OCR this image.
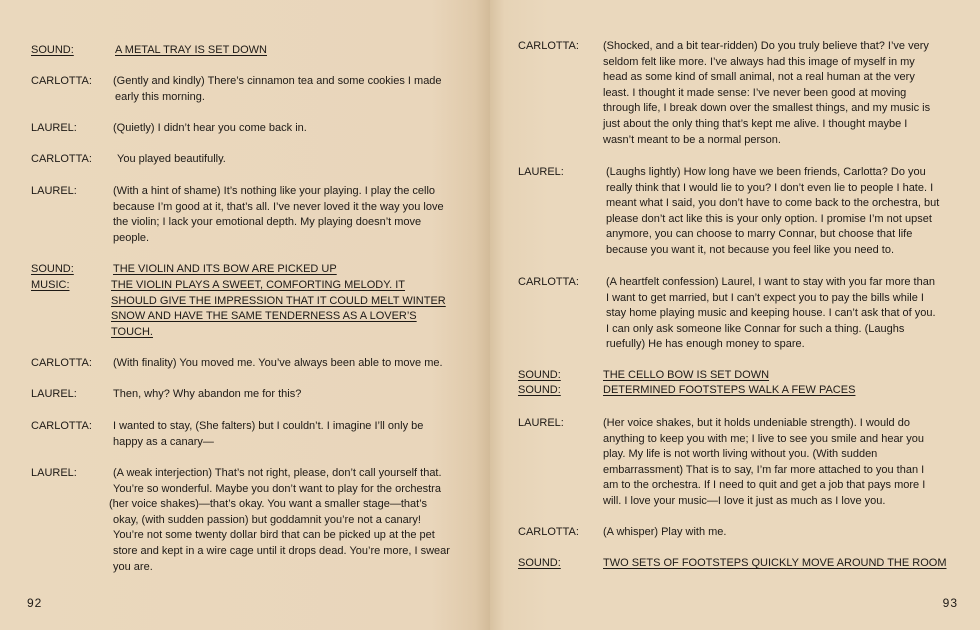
SOUND:	A METAL TRAY IS SET DOWN
CARLOTTA: (Gently and kindly) There’s cinnamon tea and some cookies I made
early this morning.
LAUREL:	(Quietly) I didn’t hear you come back in.
CARLOTTA: You played beautifully.
LAUREL:	(With a hint of shame) It’s nothing like your playing. I play the cello
because I’m good at it, that’s all. I’ve never loved it the way you love
the violin; I lack your emotional depth. My playing doesn’t move
people.
SOUND:	THE VIOLIN AND ITS BOW ARE PICKED UP
MUSIC:	THE VIOLIN PLAYS A SWEET, COMFORTING MELODY. IT
SHOULD GIVE THE IMPRESSION THAT IT COULD MELT WINTER
SNOW AND HAVE THE SAME TENDERNESS AS A LOVER’S
TOUCH.
CARLOTTA: (With finality) You moved me. You’ve always been able to move me.
LAUREL:	Then, why? Why abandon me for this?
CARLOTTA: I wanted to stay, (She falters) but I couldn’t. I imagine I’ll only be
happy as a canary—
LAUREL:	(A weak interjection) That’s not right, please, don’t call yourself that.
You’re so wonderful. Maybe you don’t want to play for the orchestra
(her voice shakes)—that’s okay. You want a smaller stage—that’s
okay, (with sudden passion) but goddamnit you’re not a canary!
You’re not some twenty dollar bird that can be picked up at the pet
store and kept in a wire cage until it drops dead. You’re more, I swear
you are.
92
CARLOTTA: (Shocked, and a bit tear-ridden) Do you truly believe that? I’ve very
seldom felt like more. I’ve always had this image of myself in my
head as some kind of small animal, not a real human at the very
least. I thought it made sense: I’ve never been good at moving
through life, I break down over the smallest things, and my music is
just about the only thing that’s kept me alive. I thought maybe I
wasn’t meant to be a normal person.
LAUREL:	(Laughs lightly) How long have we been friends, Carlotta? Do you
really think that I would lie to you? I don’t even lie to people I hate. I
meant what I said, you don’t have to come back to the orchestra, but
please don’t act like this is your only option. I promise I’m not upset
anymore, you can choose to marry Connar, but choose that life
because you want it, not because you feel like you need to.
CARLOTTA: (A heartfelt confession) Laurel, I want to stay with you far more than
I want to get married, but I can’t expect you to pay the bills while I
stay home playing music and keeping house. I can’t ask that of you.
I can only ask someone like Connar for such a thing. (Laughs
ruefully) He has enough money to spare.
SOUND:	THE CELLO BOW IS SET DOWN
SOUND:	DETERMINED FOOTSTEPS WALK A FEW PACES
LAUREL:	(Her voice shakes, but it holds undeniable strength). I would do
anything to keep you with me; I live to see you smile and hear you
play. My life is not worth living without you. (With sudden
embarrassment) That is to say, I’m far more attached to you than I
am to the orchestra. If I need to quit and get a job that pays more I
will. I love your music—I love it just as much as I love you.
CARLOTTA: (A whisper) Play with me.
SOUND:	TWO SETS OF FOOTSTEPS QUICKLY MOVE AROUND THE ROOM
93
